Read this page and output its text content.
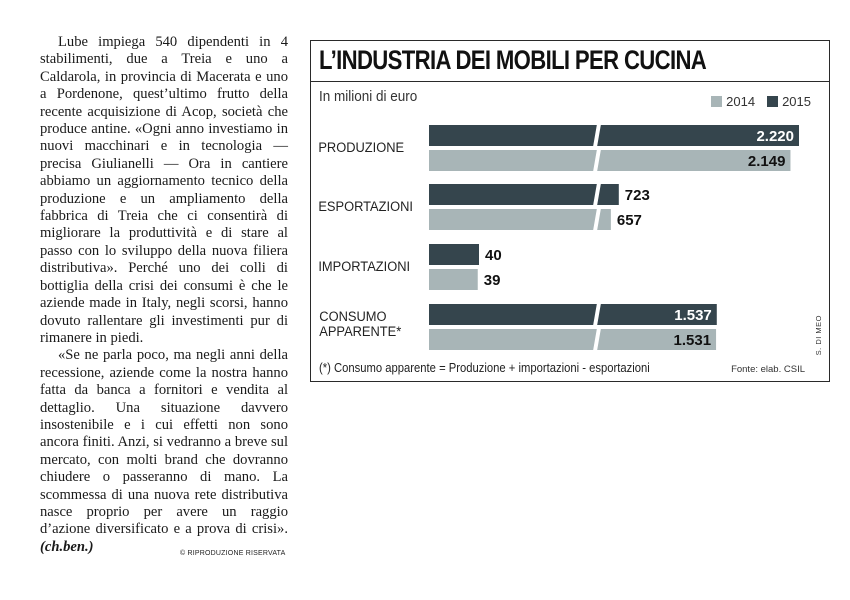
Lube impiega 540 dipendenti in 4 stabilimenti, due a Treia e uno a Caldarola, in provincia di Macerata e uno a Pordenone, quest’ultimo frutto della recente acquisizione di Acop, società che produce antine. «Ogni anno investiamo in nuovi macchinari e in tecnologia — precisa Giulianelli — Ora in cantiere abbiamo un aggiornamento tecnico della produzione e un ampliamento della fabbrica di Treia che ci consentirà di migliorare la produttività e di stare al passo con lo sviluppo della nuova filiera distributiva». Perché uno dei colli di bottiglia della crisi dei consumi è che le aziende made in Italy, negli scorsi, hanno dovuto rallentare gli investimenti pur di rimanere in piedi.

«Se ne parla poco, ma negli anni della recessione, aziende come la nostra hanno fatta da banca a fornitori e vendita al dettaglio. Una situazione davvero insostenibile e i cui effetti non sono ancora finiti. Anzi, si vedranno a breve sul mercato, con molti brand che dovranno chiudere o passeranno di mano. La scommessa di una nuova rete distributiva nasce proprio per avere un raggio d’azione diversificato e a prova di crisi». (ch.ben.)	© RIPRODUZIONE RISERVATA
L’INDUSTRIA DEI MOBILI PER CUCINA
In milioni di euro	2014 2015
PRODUZIONE
2.220
2.149
ESPORTAZIONI
723
657
IMPORTAZIONI
40
39
CONSUMO APPARENTE*
1.537
1.531	S. DI MEO
(*) Consumo apparente = Produzione + importazioni - esportazioni	Fonte: elab. CSIL
